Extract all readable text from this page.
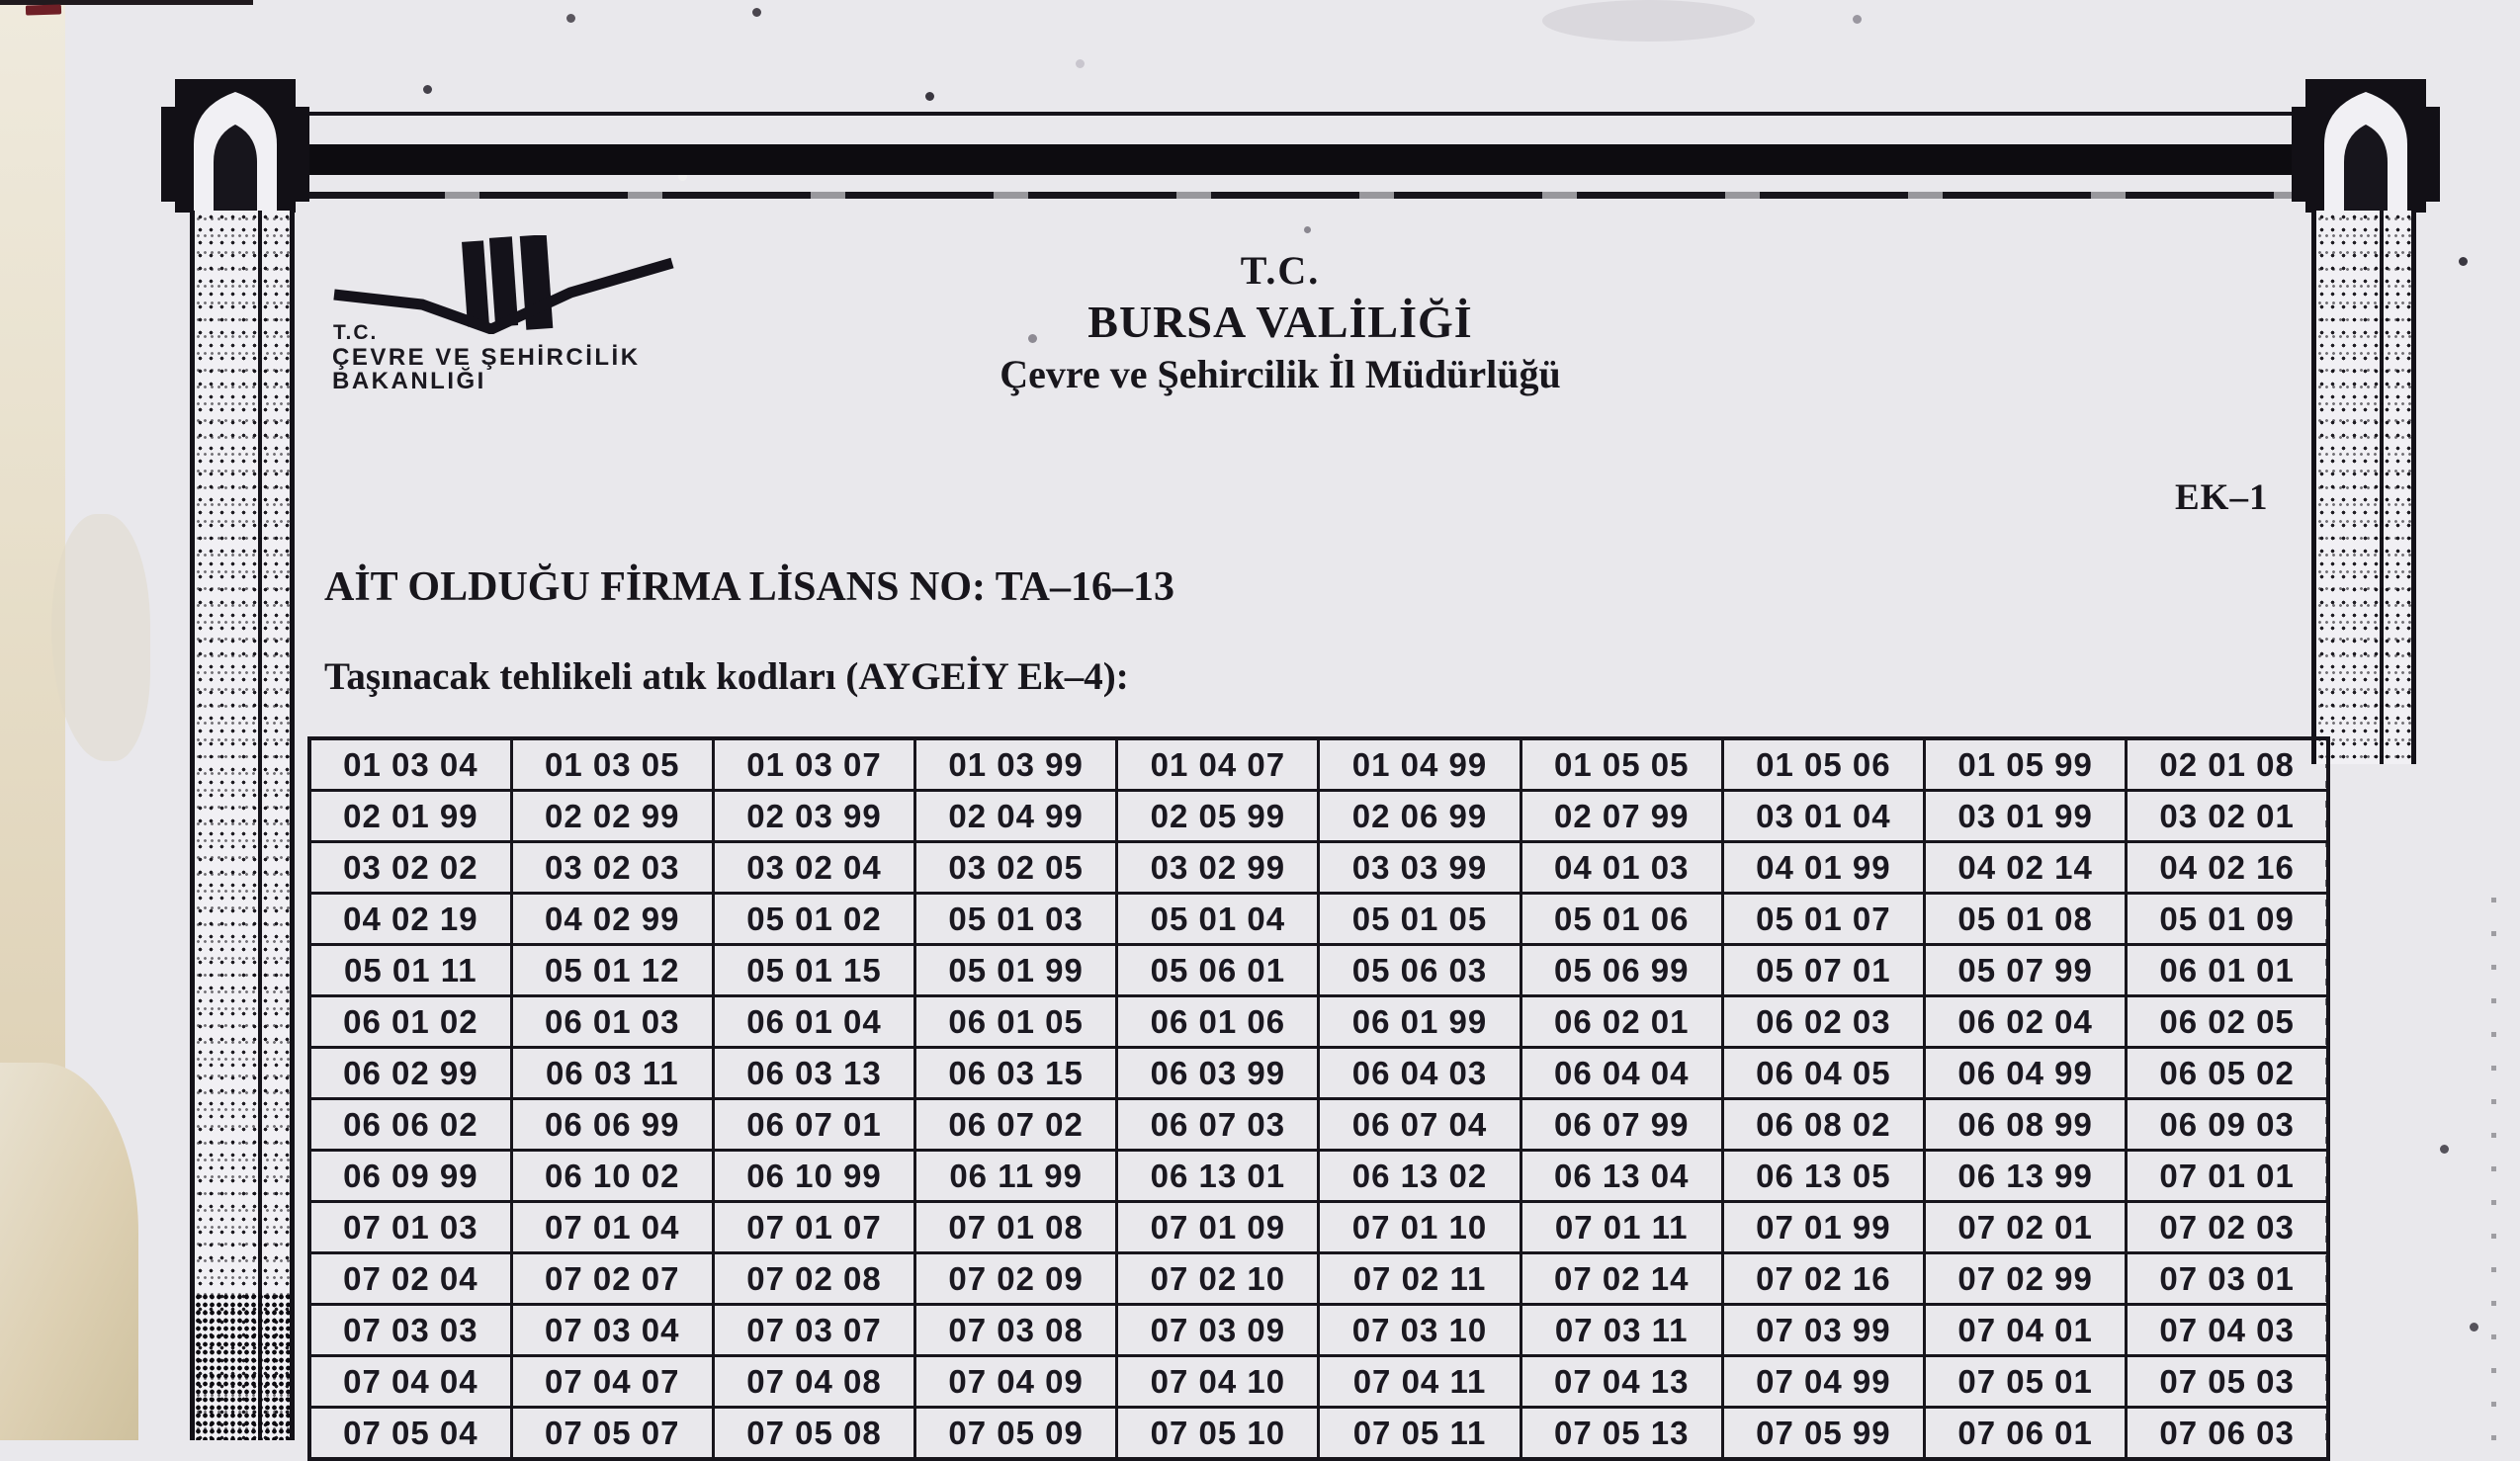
T.C.
ÇEVRE VE ŞEHİRCİLİK
BAKANLIĞI
T.C.
BURSA VALİLİĞİ
Çevre ve Şehircilik İl Müdürlüğü
EK–1
AİT OLDUĞU FİRMA LİSANS NO: TA–16–13
Taşınacak tehlikeli atık kodları (AYGEİY Ek–4):
01 03 04	01 03 05	01 03 07	01 03 99	01 04 07	01 04 99	01 05 05	01 05 06	01 05 99	02 01 08
02 01 99	02 02 99	02 03 99	02 04 99	02 05 99	02 06 99	02 07 99	03 01 04	03 01 99	03 02 01
03 02 02	03 02 03	03 02 04	03 02 05	03 02 99	03 03 99	04 01 03	04 01 99	04 02 14	04 02 16
04 02 19	04 02 99	05 01 02	05 01 03	05 01 04	05 01 05	05 01 06	05 01 07	05 01 08	05 01 09
05 01 11	05 01 12	05 01 15	05 01 99	05 06 01	05 06 03	05 06 99	05 07 01	05 07 99	06 01 01
06 01 02	06 01 03	06 01 04	06 01 05	06 01 06	06 01 99	06 02 01	06 02 03	06 02 04	06 02 05
06 02 99	06 03 11	06 03 13	06 03 15	06 03 99	06 04 03	06 04 04	06 04 05	06 04 99	06 05 02
06 06 02	06 06 99	06 07 01	06 07 02	06 07 03	06 07 04	06 07 99	06 08 02	06 08 99	06 09 03
06 09 99	06 10 02	06 10 99	06 11 99	06 13 01	06 13 02	06 13 04	06 13 05	06 13 99	07 01 01
07 01 03	07 01 04	07 01 07	07 01 08	07 01 09	07 01 10	07 01 11	07 01 99	07 02 01	07 02 03
07 02 04	07 02 07	07 02 08	07 02 09	07 02 10	07 02 11	07 02 14	07 02 16	07 02 99	07 03 01
07 03 03	07 03 04	07 03 07	07 03 08	07 03 09	07 03 10	07 03 11	07 03 99	07 04 01	07 04 03
07 04 04	07 04 07	07 04 08	07 04 09	07 04 10	07 04 11	07 04 13	07 04 99	07 05 01	07 05 03
07 05 04	07 05 07	07 05 08	07 05 09	07 05 10	07 05 11	07 05 13	07 05 99	07 06 01	07 06 03
